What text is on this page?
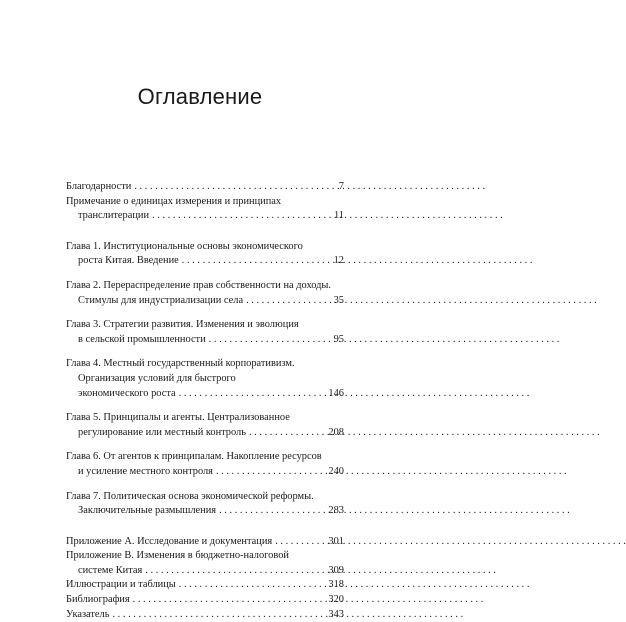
Оглавление
Благодарности . . .	7
Примечание о единицах измерения и принципах
транслитерации . . .	11
Глава 1. Институциональные основы экономического
роста Китая. Введение . . .	12
Глава 2. Перераспределение прав собственности на доходы.
Стимулы для индустриализации села . . .	35
Глава 3. Стратегии развития. Изменения и эволюция
в сельской промышленности . . .	95
Глава 4. Местный государственный корпоративизм.
Организация условий для быстрого
экономического роста . . .	146
Глава 5. Принципалы и агенты. Централизованное
регулирование или местный контроль . . .	208
Глава 6. От агентов к принципалам. Накопление ресурсов
и усиление местного контроля . . .	240
Глава 7. Политическая основа экономической реформы.
Заключительные размышления . . .	283
Приложение А. Исследование и документация . . .	301
Приложение В. Изменения в бюджетно-налоговой
системе Китая . . .	309
Иллюстрации и таблицы . . .	318
Библиография . . .	320
Указатель . . .	343
